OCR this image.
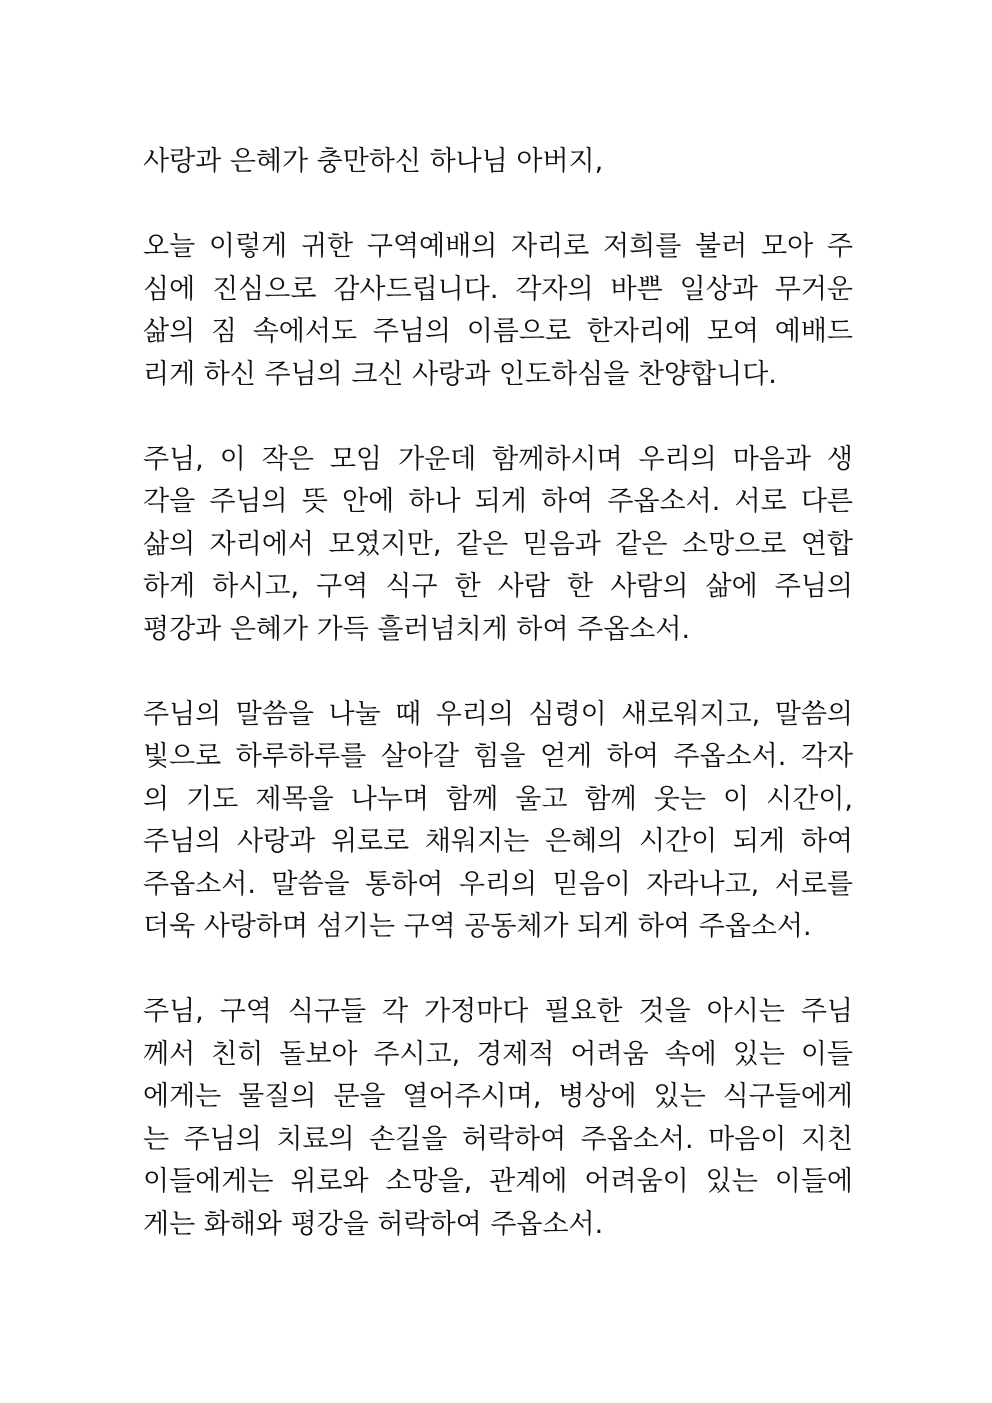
사랑과 은혜가 충만하신 하나님 아버지,
오늘 이렇게 귀한 구역예배의 자리로 저희를 불러 모아 주
심에 진심으로 감사드립니다. 각자의 바쁜 일상과 무거운
삶의 짐 속에서도 주님의 이름으로 한자리에 모여 예배드
리게 하신 주님의 크신 사랑과 인도하심을 찬양합니다.
주님, 이 작은 모임 가운데 함께하시며 우리의 마음과 생
각을 주님의 뜻 안에 하나 되게 하여 주옵소서. 서로 다른
삶의 자리에서 모였지만, 같은 믿음과 같은 소망으로 연합
하게 하시고, 구역 식구 한 사람 한 사람의 삶에 주님의
평강과 은혜가 가득 흘러넘치게 하여 주옵소서.
주님의 말씀을 나눌 때 우리의 심령이 새로워지고, 말씀의
빛으로 하루하루를 살아갈 힘을 얻게 하여 주옵소서. 각자
의 기도 제목을 나누며 함께 울고 함께 웃는 이 시간이,
주님의 사랑과 위로로 채워지는 은혜의 시간이 되게 하여
주옵소서. 말씀을 통하여 우리의 믿음이 자라나고, 서로를
더욱 사랑하며 섬기는 구역 공동체가 되게 하여 주옵소서.
주님, 구역 식구들 각 가정마다 필요한 것을 아시는 주님
께서 친히 돌보아 주시고, 경제적 어려움 속에 있는 이들
에게는 물질의 문을 열어주시며, 병상에 있는 식구들에게
는 주님의 치료의 손길을 허락하여 주옵소서. 마음이 지친
이들에게는 위로와 소망을, 관계에 어려움이 있는 이들에
게는 화해와 평강을 허락하여 주옵소서.
